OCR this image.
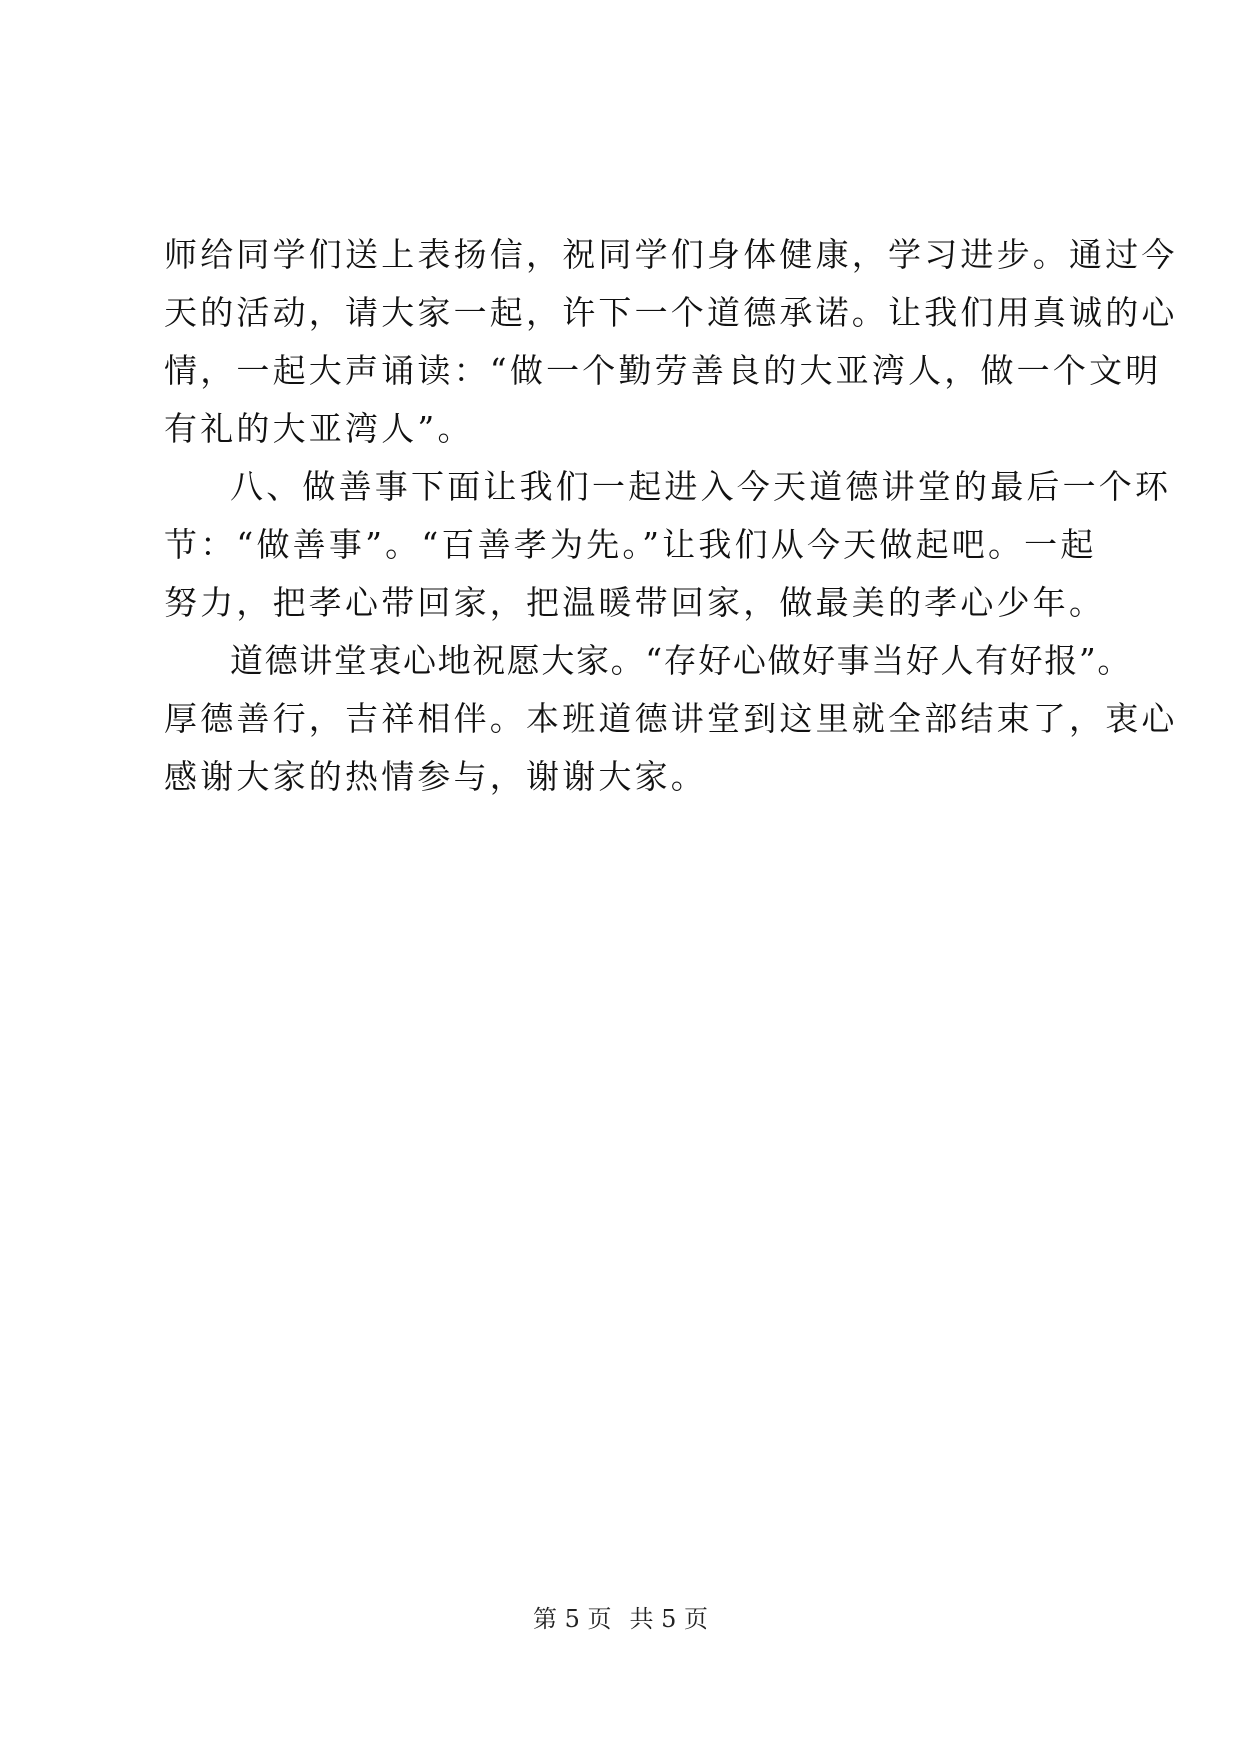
师给同学们送上表扬信，祝同学们身体健康，学习进步。通过今
天的活动，请大家一起，许下一个道德承诺。让我们用真诚的心
情，一起大声诵读：“做一个勤劳善良的大亚湾人，做一个文明
有礼的大亚湾人”。
八、做善事下面让我们一起进入今天道德讲堂的最后一个环
节：“做善事”。“百善孝为先。”让我们从今天做起吧。一起
努力，把孝心带回家，把温暖带回家，做最美的孝心少年。
道德讲堂衷心地祝愿大家。“存好心做好事当好人有好报”。
厚德善行，吉祥相伴。本班道德讲堂到这里就全部结束了，衷心
感谢大家的热情参与，谢谢大家。
第 5 页 共 5 页
